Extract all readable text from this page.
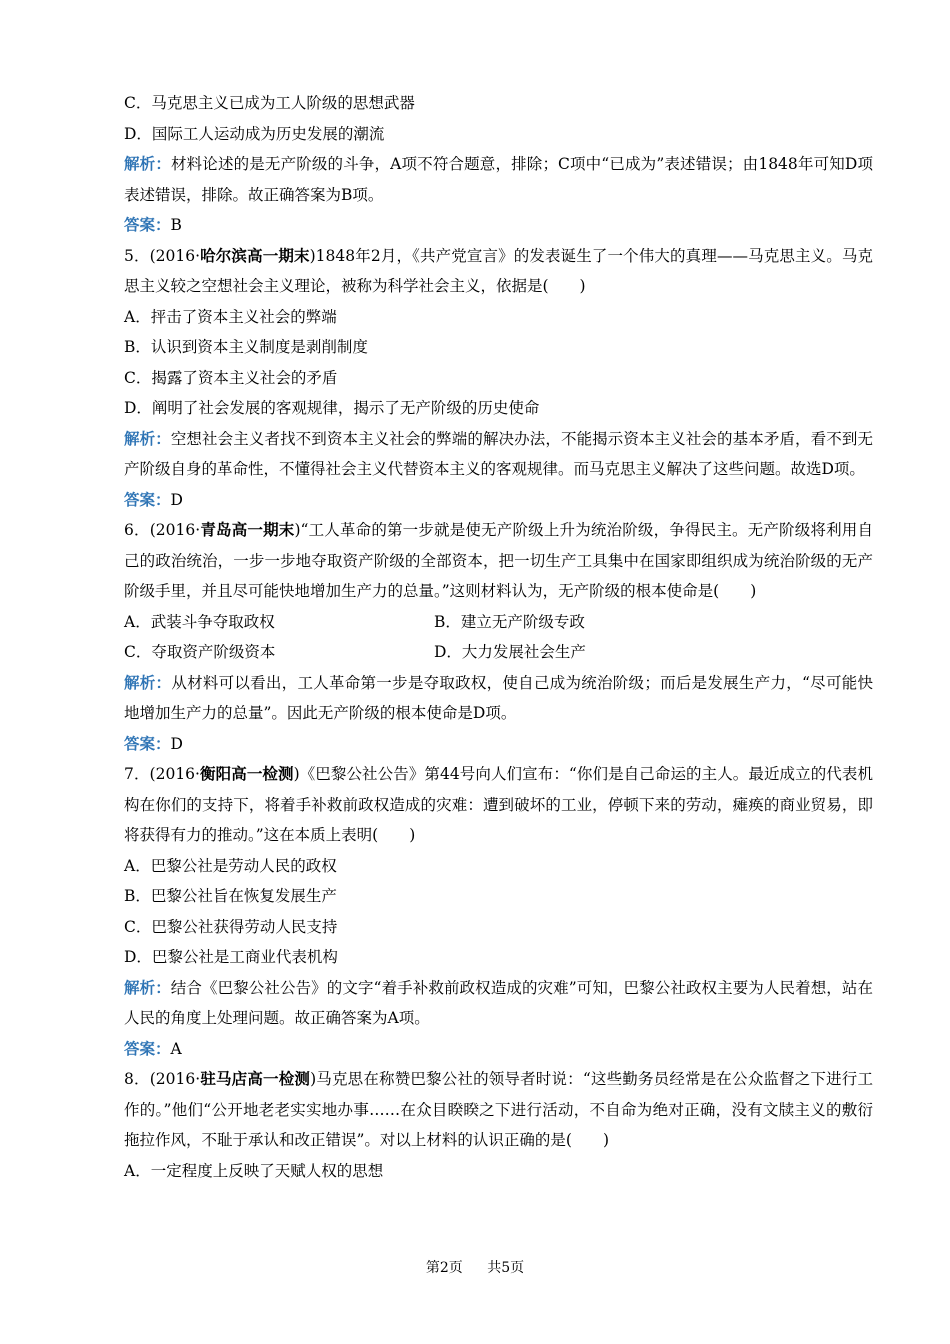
C．马克思主义已成为工人阶级的思想武器
D．国际工人运动成为历史发展的潮流
解析：材料论述的是无产阶级的斗争，A项不符合题意，排除；C项中“已成为”表述错误；由1848年可知D项表述错误，排除。故正确答案为B项。
答案：B
5．(2016·哈尔滨高一期末)1848年2月，《共产党宣言》的发表诞生了一个伟大的真理——马克思主义。马克思主义较之空想社会主义理论，被称为科学社会主义，依据是(　　)
A．抨击了资本主义社会的弊端
B．认识到资本主义制度是剥削制度
C．揭露了资本主义社会的矛盾
D．阐明了社会发展的客观规律，揭示了无产阶级的历史使命
解析：空想社会主义者找不到资本主义社会的弊端的解决办法，不能揭示资本主义社会的基本矛盾，看不到无产阶级自身的革命性，不懂得社会主义代替资本主义的客观规律。而马克思主义解决了这些问题。故选D项。
答案：D
6．(2016·青岛高一期末)“工人革命的第一步就是使无产阶级上升为统治阶级，争得民主。无产阶级将利用自己的政治统治，一步一步地夺取资产阶级的全部资本，把一切生产工具集中在国家即组织成为统治阶级的无产阶级手里，并且尽可能快地增加生产力的总量。”这则材料认为，无产阶级的根本使命是(　　)
A．武装斗争夺取政权	B．建立无产阶级专政
C．夺取资产阶级资本	D．大力发展社会生产
解析：从材料可以看出，工人革命第一步是夺取政权，使自己成为统治阶级；而后是发展生产力，“尽可能快地增加生产力的总量”。因此无产阶级的根本使命是D项。
答案：D
7．(2016·衡阳高一检测)《巴黎公社公告》第44号向人们宣布：“你们是自己命运的主人。最近成立的代表机构在你们的支持下，将着手补救前政权造成的灾难：遭到破坏的工业，停顿下来的劳动，瘫痪的商业贸易，即将获得有力的推动。”这在本质上表明(　　)
A．巴黎公社是劳动人民的政权
B．巴黎公社旨在恢复发展生产
C．巴黎公社获得劳动人民支持
D．巴黎公社是工商业代表机构
解析：结合《巴黎公社公告》的文字“着手补救前政权造成的灾难”可知，巴黎公社政权主要为人民着想，站在人民的角度上处理问题。故正确答案为A项。
答案：A
8．(2016·驻马店高一检测)马克思在称赞巴黎公社的领导者时说：“这些勤务员经常是在公众监督之下进行工作的。”他们“公开地老老实实地办事……在众目睽睽之下进行活动，不自命为绝对正确，没有文牍主义的敷衍拖拉作风，不耻于承认和改正错误”。对以上材料的认识正确的是(　　)
A．一定程度上反映了天赋人权的思想
第2页 共5页
